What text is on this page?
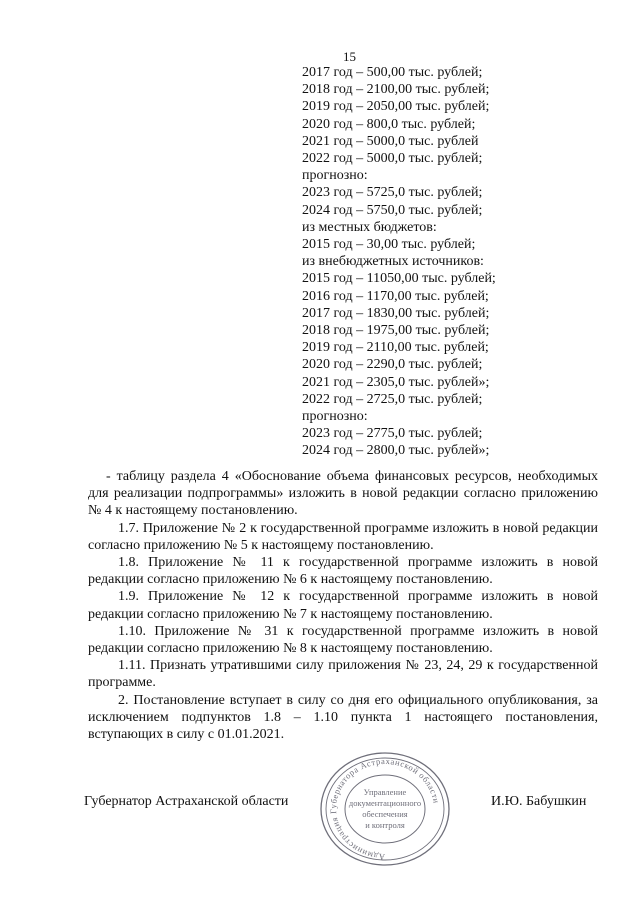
15
2017 год – 500,00 тыс. рублей;
2018 год – 2100,00 тыс. рублей;
2019 год – 2050,00 тыс. рублей;
2020 год – 800,0 тыс. рублей;
2021 год – 5000,0 тыс. рублей
2022 год – 5000,0 тыс. рублей;
прогнозно:
2023 год – 5725,0 тыс. рублей;
2024 год – 5750,0 тыс. рублей;
из местных бюджетов:
2015 год – 30,00 тыс. рублей;
из внебюджетных источников:
2015 год – 11050,00 тыс. рублей;
2016 год – 1170,00 тыс. рублей;
2017 год – 1830,00 тыс. рублей;
2018 год – 1975,00 тыс. рублей;
2019 год – 2110,00 тыс. рублей;
2020 год – 2290,0 тыс. рублей;
2021 год – 2305,0 тыс. рублей»;
2022 год – 2725,0 тыс. рублей;
прогнозно:
2023 год – 2775,0 тыс. рублей;
2024 год – 2800,0 тыс. рублей»;
- таблицу раздела 4 «Обоснование объема финансовых ресурсов, необходимых для реализации подпрограммы» изложить в новой редакции согласно приложению № 4 к настоящему постановлению.
1.7. Приложение № 2 к государственной программе изложить в новой редакции согласно приложению № 5 к настоящему постановлению.
1.8. Приложение № 11 к государственной программе изложить в новой редакции согласно приложению № 6 к настоящему постановлению.
1.9. Приложение № 12 к государственной программе изложить в новой редакции согласно приложению № 7 к настоящему постановлению.
1.10. Приложение № 31 к государственной программе изложить в новой редакции согласно приложению № 8 к настоящему постановлению.
1.11. Признать утратившими силу приложения № 23, 24, 29 к государственной программе.
2. Постановление вступает в силу со дня его официального опубликования, за исключением подпунктов 1.8 – 1.10 пункта 1 настоящего постановления, вступающих в силу с 01.01.2021.
Губернатор Астраханской области	И.Ю. Бабушкин
Администрация Губернатора Астраханской области
Управление
документационного
обеспечения
и контроля
